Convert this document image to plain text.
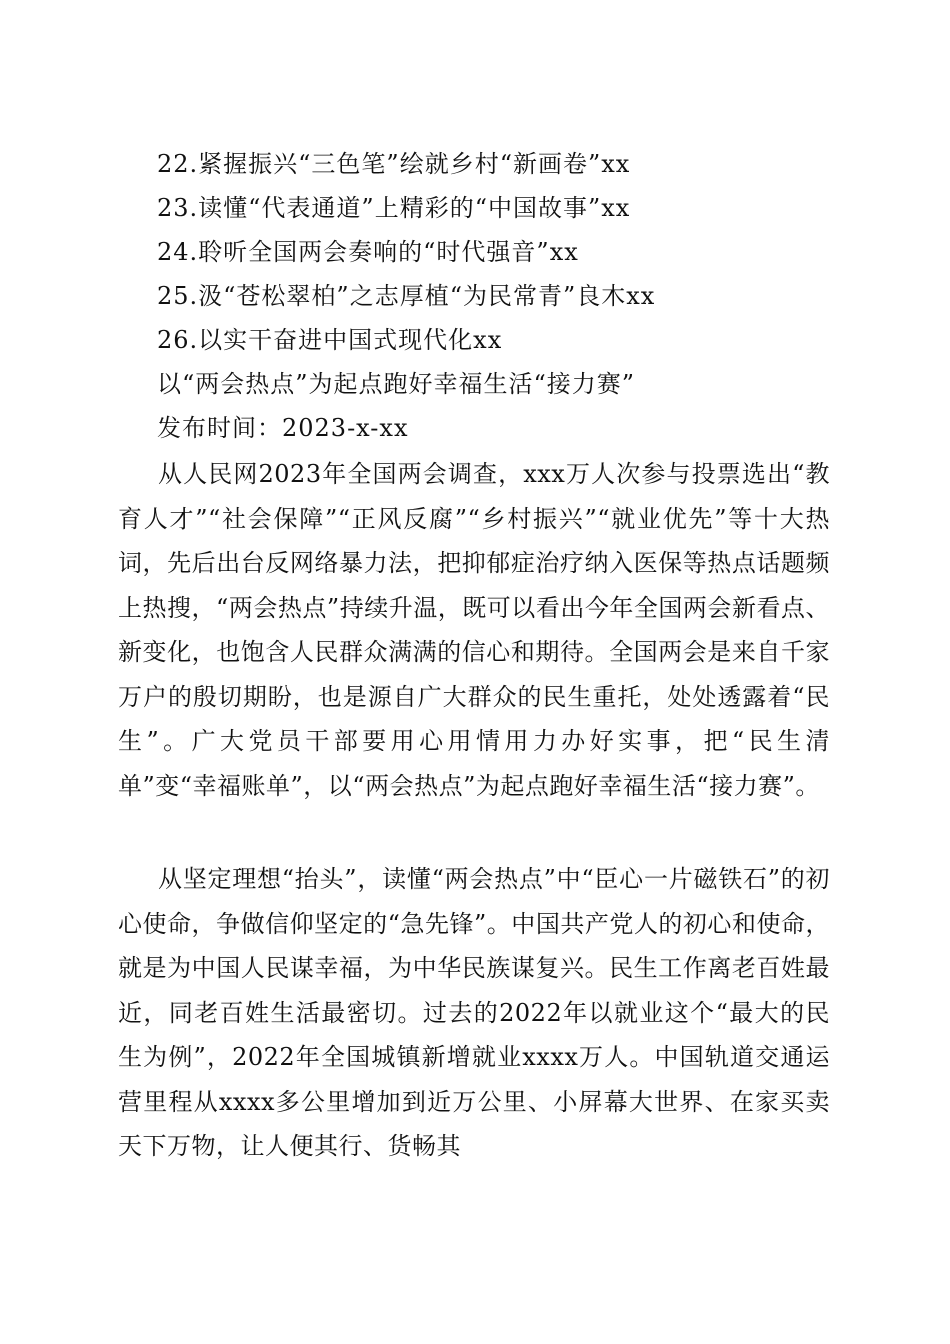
22.紧握振兴“三色笔”绘就乡村“新画卷”xx
23.读懂“代表通道”上精彩的“中国故事”xx
24.聆听全国两会奏响的“时代强音”xx
25.汲“苍松翠柏”之志厚植“为民常青”良木xx
26.以实干奋进中国式现代化xx
以“两会热点”为起点跑好幸福生活“接力赛”
发布时间：2023-x-xx

从人民网2023年全国两会调查，xxx万人次参与投票选出“教育人才”“社会保障”“正风反腐”“乡村振兴”“就业优先”等十大热词，先后出台反网络暴力法，把抑郁症治疗纳入医保等热点话题频上热搜，“两会热点”持续升温，既可以看出今年全国两会新看点、新变化，也饱含人民群众满满的信心和期待。全国两会是来自千家万户的殷切期盼，也是源自广大群众的民生重托，处处透露着“民生”。广大党员干部要用心用情用力办好实事，把“民生清单”变“幸福账单”，以“两会热点”为起点跑好幸福生活“接力赛”。

从坚定理想“抬头”，读懂“两会热点”中“臣心一片磁铁石”的初心使命，争做信仰坚定的“急先锋”。中国共产党人的初心和使命，就是为中国人民谋幸福，为中华民族谋复兴。民生工作离老百姓最近，同老百姓生活最密切。过去的2022年以就业这个“最大的民生为例”，2022年全国城镇新增就业xxxx万人。中国轨道交通运营里程从xxxx多公里增加到近万公里、小屏幕大世界、在家买卖天下万物，让人便其行、货畅其
